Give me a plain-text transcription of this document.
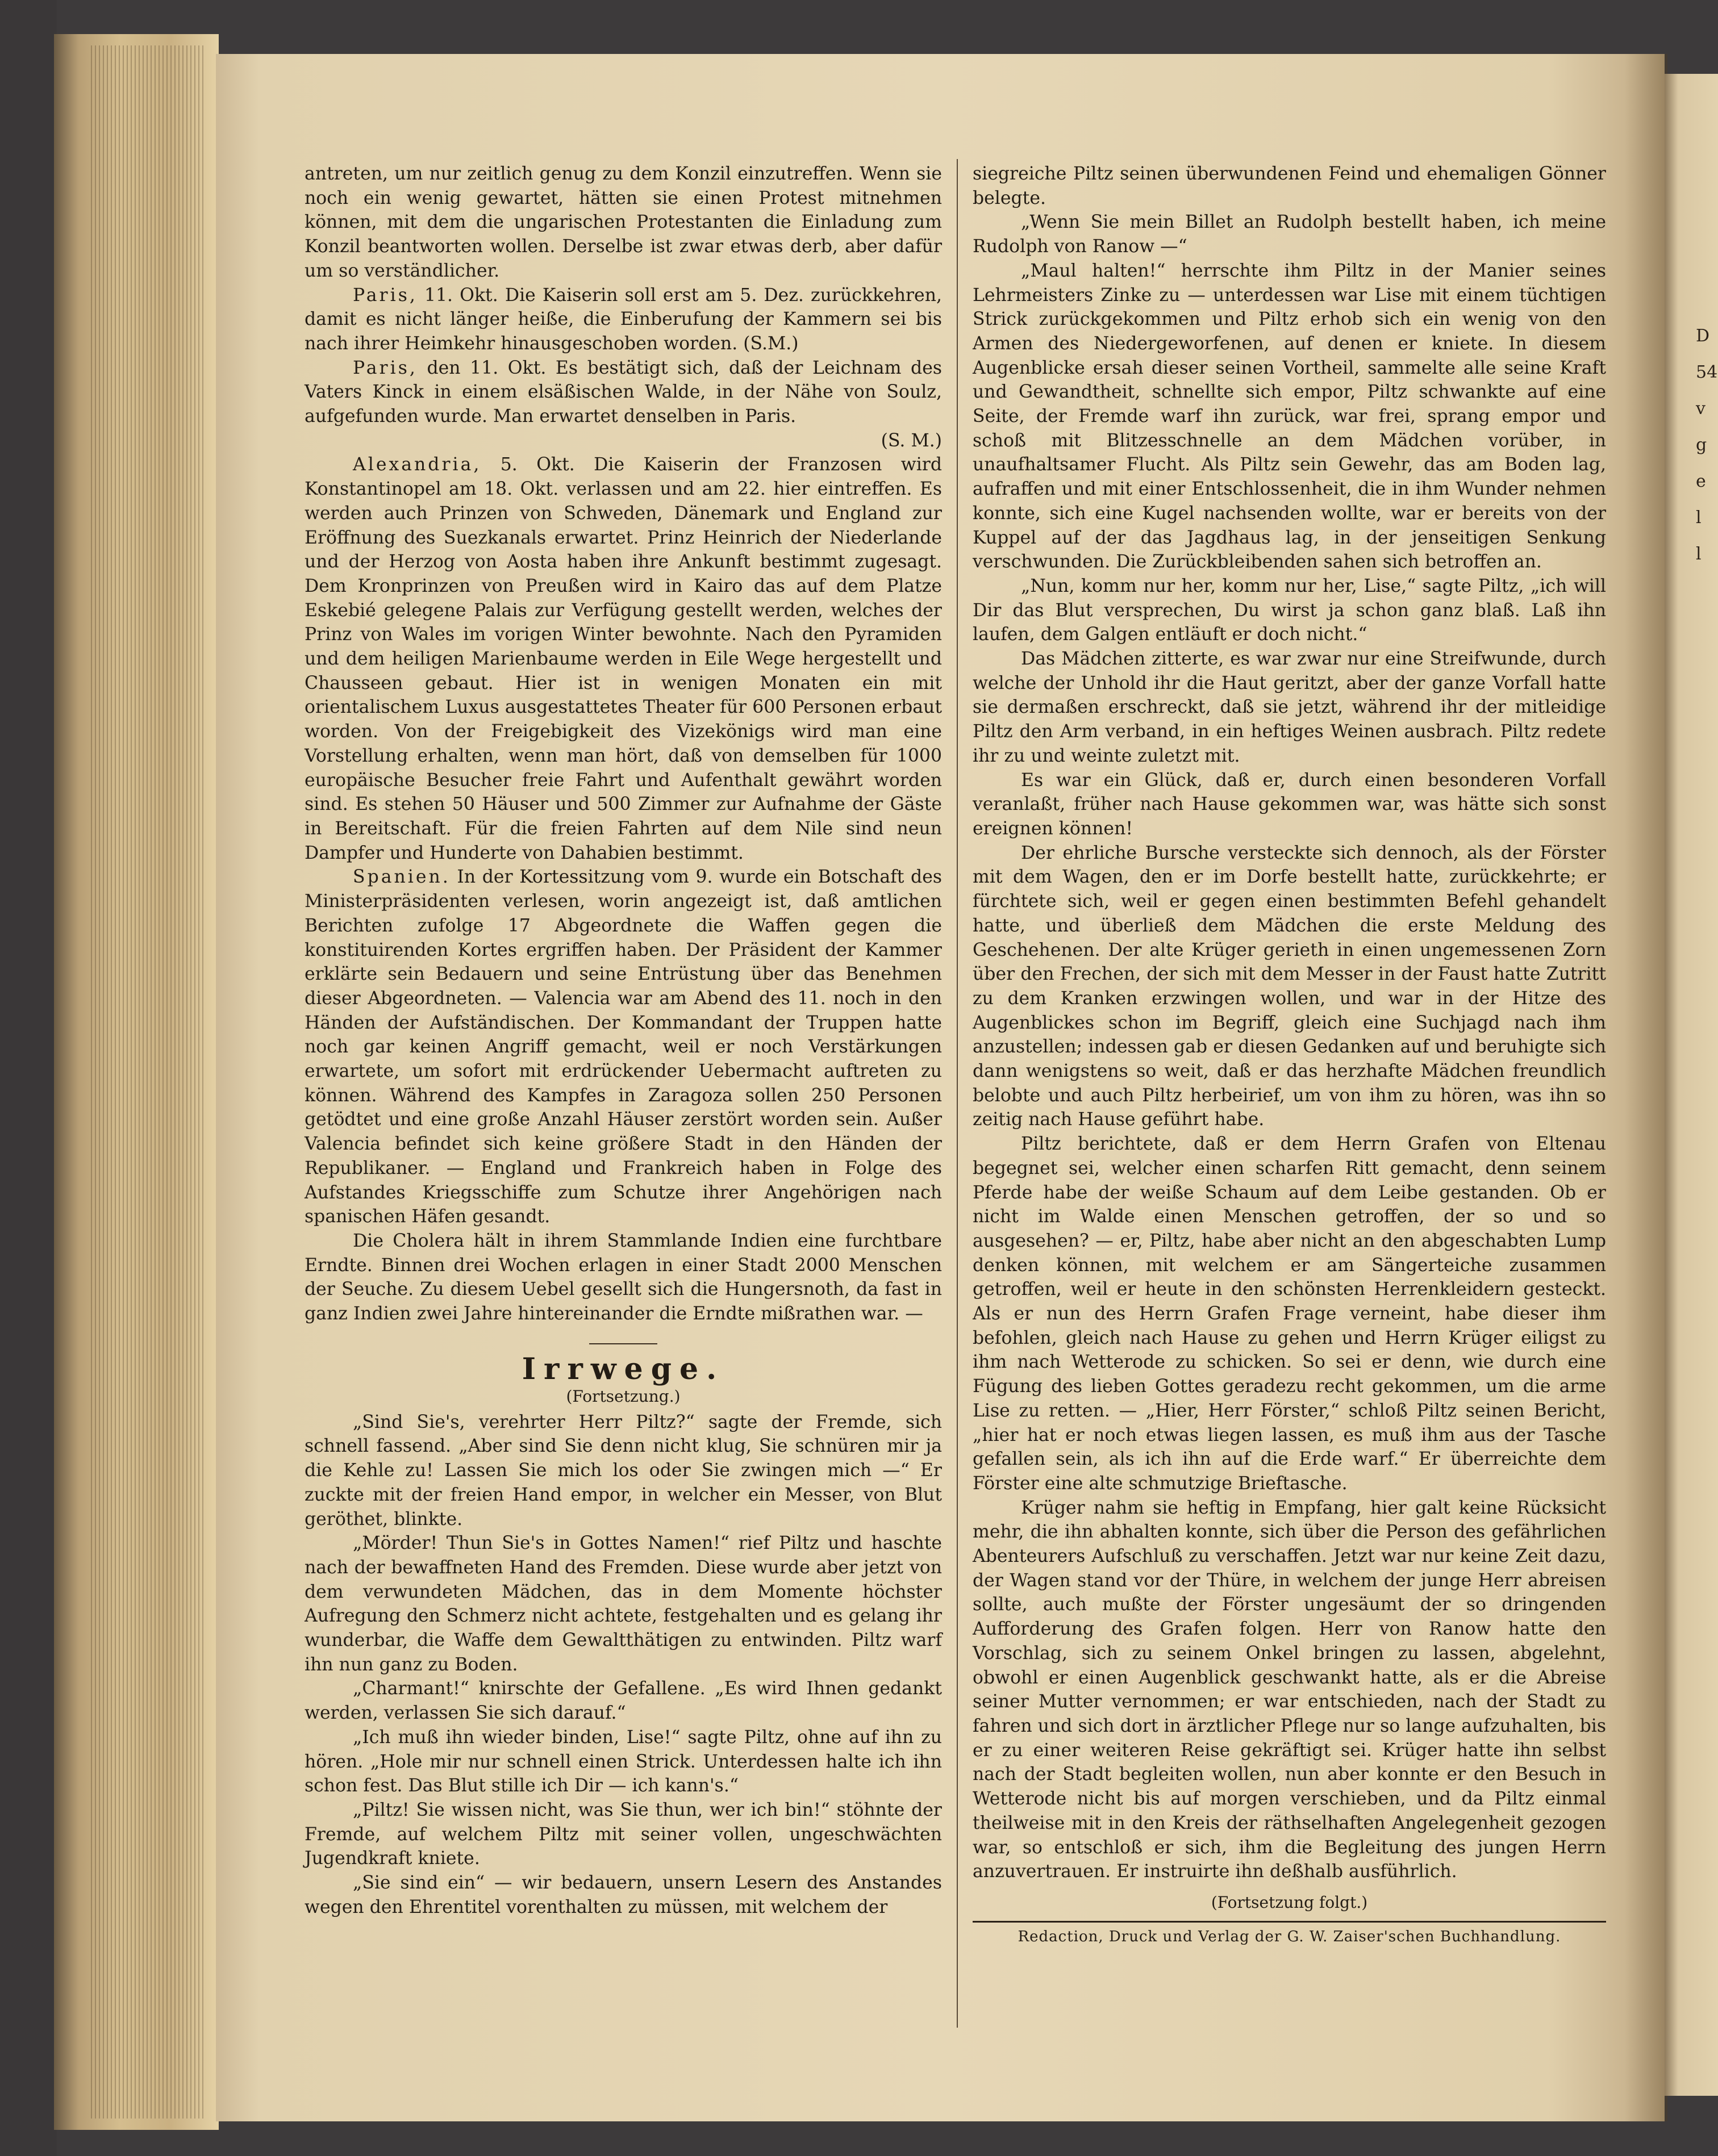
antreten, um nur zeitlich genug zu dem Konzil einzutreffen. Wenn sie noch ein wenig gewartet, hätten sie einen Protest mitnehmen können, mit dem die ungarischen Protestanten die Einladung zum Konzil beantworten wollen. Derselbe ist zwar etwas derb, aber dafür um so verständlicher.

Paris, 11. Okt. Die Kaiserin soll erst am 5. Dez. zurückkehren, damit es nicht länger heiße, die Einberufung der Kammern sei bis nach ihrer Heimkehr hinausgeschoben worden. (S.M.)

Paris, den 11. Okt. Es bestätigt sich, daß der Leichnam des Vaters Kinck in einem elsäßischen Walde, in der Nähe von Soulz, aufgefunden wurde. Man erwartet denselben in Paris.

(S. M.)

Alexandria, 5. Okt. Die Kaiserin der Franzosen wird Konstantinopel am 18. Okt. verlassen und am 22. hier eintreffen. Es werden auch Prinzen von Schweden, Dänemark und England zur Eröffnung des Suezkanals erwartet. Prinz Heinrich der Niederlande und der Herzog von Aosta haben ihre Ankunft bestimmt zugesagt. Dem Kronprinzen von Preußen wird in Kairo das auf dem Platze Eskebié gelegene Palais zur Verfügung gestellt werden, welches der Prinz von Wales im vorigen Winter bewohnte. Nach den Pyramiden und dem heiligen Marienbaume werden in Eile Wege hergestellt und Chausseen gebaut. Hier ist in wenigen Monaten ein mit orientalischem Luxus ausgestattetes Theater für 600 Personen erbaut worden. Von der Freigebigkeit des Vizekönigs wird man eine Vorstellung erhalten, wenn man hört, daß von demselben für 1000 europäische Besucher freie Fahrt und Aufenthalt gewährt worden sind. Es stehen 50 Häuser und 500 Zimmer zur Aufnahme der Gäste in Bereitschaft. Für die freien Fahrten auf dem Nile sind neun Dampfer und Hunderte von Dahabien bestimmt.

Spanien. In der Kortessitzung vom 9. wurde ein Botschaft des Ministerpräsidenten verlesen, worin angezeigt ist, daß amtlichen Berichten zufolge 17 Abgeordnete die Waffen gegen die konstituirenden Kortes ergriffen haben. Der Präsident der Kammer erklärte sein Bedauern und seine Entrüstung über das Benehmen dieser Abgeordneten. — Valencia war am Abend des 11. noch in den Händen der Aufständischen. Der Kommandant der Truppen hatte noch gar keinen Angriff gemacht, weil er noch Verstärkungen erwartete, um sofort mit erdrückender Uebermacht auftreten zu können. Während des Kampfes in Zaragoza sollen 250 Personen getödtet und eine große Anzahl Häuser zerstört worden sein. Außer Valencia befindet sich keine größere Stadt in den Händen der Republikaner. — England und Frankreich haben in Folge des Aufstandes Kriegsschiffe zum Schutze ihrer Angehörigen nach spanischen Häfen gesandt.

Die Cholera hält in ihrem Stammlande Indien eine furchtbare Erndte. Binnen drei Wochen erlagen in einer Stadt 2000 Menschen der Seuche. Zu diesem Uebel gesellt sich die Hungersnoth, da fast in ganz Indien zwei Jahre hintereinander die Erndte mißrathen war. —

Irrwege.

(Fortsetzung.)

„Sind Sie's, verehrter Herr Piltz?“ sagte der Fremde, sich schnell fassend. „Aber sind Sie denn nicht klug, Sie schnüren mir ja die Kehle zu! Lassen Sie mich los oder Sie zwingen mich —“ Er zuckte mit der freien Hand empor, in welcher ein Messer, von Blut geröthet, blinkte.

„Mörder! Thun Sie's in Gottes Namen!“ rief Piltz und haschte nach der bewaffneten Hand des Fremden. Diese wurde aber jetzt von dem verwundeten Mädchen, das in dem Momente höchster Aufregung den Schmerz nicht achtete, festgehalten und es gelang ihr wunderbar, die Waffe dem Gewaltthätigen zu entwinden. Piltz warf ihn nun ganz zu Boden.

„Charmant!“ knirschte der Gefallene. „Es wird Ihnen gedankt werden, verlassen Sie sich darauf.“

„Ich muß ihn wieder binden, Lise!“ sagte Piltz, ohne auf ihn zu hören. „Hole mir nur schnell einen Strick. Unterdessen halte ich ihn schon fest. Das Blut stille ich Dir — ich kann's.“

„Piltz! Sie wissen nicht, was Sie thun, wer ich bin!“ stöhnte der Fremde, auf welchem Piltz mit seiner vollen, ungeschwächten Jugendkraft kniete.

„Sie sind ein“ — wir bedauern, unsern Lesern des Anstandes wegen den Ehrentitel vorenthalten zu müssen, mit welchem der

siegreiche Piltz seinen überwundenen Feind und ehemaligen Gönner belegte.

„Wenn Sie mein Billet an Rudolph bestellt haben, ich meine Rudolph von Ranow —“

„Maul halten!“ herrschte ihm Piltz in der Manier seines Lehrmeisters Zinke zu — unterdessen war Lise mit einem tüchtigen Strick zurückgekommen und Piltz erhob sich ein wenig von den Armen des Niedergeworfenen, auf denen er kniete. In diesem Augenblicke ersah dieser seinen Vortheil, sammelte alle seine Kraft und Gewandtheit, schnellte sich empor, Piltz schwankte auf eine Seite, der Fremde warf ihn zurück, war frei, sprang empor und schoß mit Blitzesschnelle an dem Mädchen vorüber, in unaufhaltsamer Flucht. Als Piltz sein Gewehr, das am Boden lag, aufraffen und mit einer Entschlossenheit, die in ihm Wunder nehmen konnte, sich eine Kugel nachsenden wollte, war er bereits von der Kuppel auf der das Jagdhaus lag, in der jenseitigen Senkung verschwunden. Die Zurückbleibenden sahen sich betroffen an.

„Nun, komm nur her, komm nur her, Lise,“ sagte Piltz, „ich will Dir das Blut versprechen, Du wirst ja schon ganz blaß. Laß ihn laufen, dem Galgen entläuft er doch nicht.“

Das Mädchen zitterte, es war zwar nur eine Streifwunde, durch welche der Unhold ihr die Haut geritzt, aber der ganze Vorfall hatte sie dermaßen erschreckt, daß sie jetzt, während ihr der mitleidige Piltz den Arm verband, in ein heftiges Weinen ausbrach. Piltz redete ihr zu und weinte zuletzt mit.

Es war ein Glück, daß er, durch einen besonderen Vorfall veranlaßt, früher nach Hause gekommen war, was hätte sich sonst ereignen können!

Der ehrliche Bursche versteckte sich dennoch, als der Förster mit dem Wagen, den er im Dorfe bestellt hatte, zurückkehrte; er fürchtete sich, weil er gegen einen bestimmten Befehl gehandelt hatte, und überließ dem Mädchen die erste Meldung des Geschehenen. Der alte Krüger gerieth in einen ungemessenen Zorn über den Frechen, der sich mit dem Messer in der Faust hatte Zutritt zu dem Kranken erzwingen wollen, und war in der Hitze des Augenblickes schon im Begriff, gleich eine Suchjagd nach ihm anzustellen; indessen gab er diesen Gedanken auf und beruhigte sich dann wenigstens so weit, daß er das herzhafte Mädchen freundlich belobte und auch Piltz herbeirief, um von ihm zu hören, was ihn so zeitig nach Hause geführt habe.

Piltz berichtete, daß er dem Herrn Grafen von Eltenau begegnet sei, welcher einen scharfen Ritt gemacht, denn seinem Pferde habe der weiße Schaum auf dem Leibe gestanden. Ob er nicht im Walde einen Menschen getroffen, der so und so ausgesehen? — er, Piltz, habe aber nicht an den abgeschabten Lump denken können, mit welchem er am Sängerteiche zusammen getroffen, weil er heute in den schönsten Herrenkleidern gesteckt. Als er nun des Herrn Grafen Frage verneint, habe dieser ihm befohlen, gleich nach Hause zu gehen und Herrn Krüger eiligst zu ihm nach Wetterode zu schicken. So sei er denn, wie durch eine Fügung des lieben Gottes geradezu recht gekommen, um die arme Lise zu retten. — „Hier, Herr Förster,“ schloß Piltz seinen Bericht, „hier hat er noch etwas liegen lassen, es muß ihm aus der Tasche gefallen sein, als ich ihn auf die Erde warf.“ Er überreichte dem Förster eine alte schmutzige Brieftasche.

Krüger nahm sie heftig in Empfang, hier galt keine Rücksicht mehr, die ihn abhalten konnte, sich über die Person des gefährlichen Abenteurers Aufschluß zu verschaffen. Jetzt war nur keine Zeit dazu, der Wagen stand vor der Thüre, in welchem der junge Herr abreisen sollte, auch mußte der Förster ungesäumt der so dringenden Aufforderung des Grafen folgen. Herr von Ranow hatte den Vorschlag, sich zu seinem Onkel bringen zu lassen, abgelehnt, obwohl er einen Augenblick geschwankt hatte, als er die Abreise seiner Mutter vernommen; er war entschieden, nach der Stadt zu fahren und sich dort in ärztlicher Pflege nur so lange aufzuhalten, bis er zu einer weiteren Reise gekräftigt sei. Krüger hatte ihn selbst nach der Stadt begleiten wollen, nun aber konnte er den Besuch in Wetterode nicht bis auf morgen verschieben, und da Piltz einmal theilweise mit in den Kreis der räthselhaften Angelegenheit gezogen war, so entschloß er sich, ihm die Begleitung des jungen Herrn anzuvertrauen. Er instruirte ihn deßhalb ausführlich.

(Fortsetzung folgt.)

Redaction, Druck und Verlag der G. W. Zaiser'schen Buchhandlung.

D
54
v
g
e
l
l
